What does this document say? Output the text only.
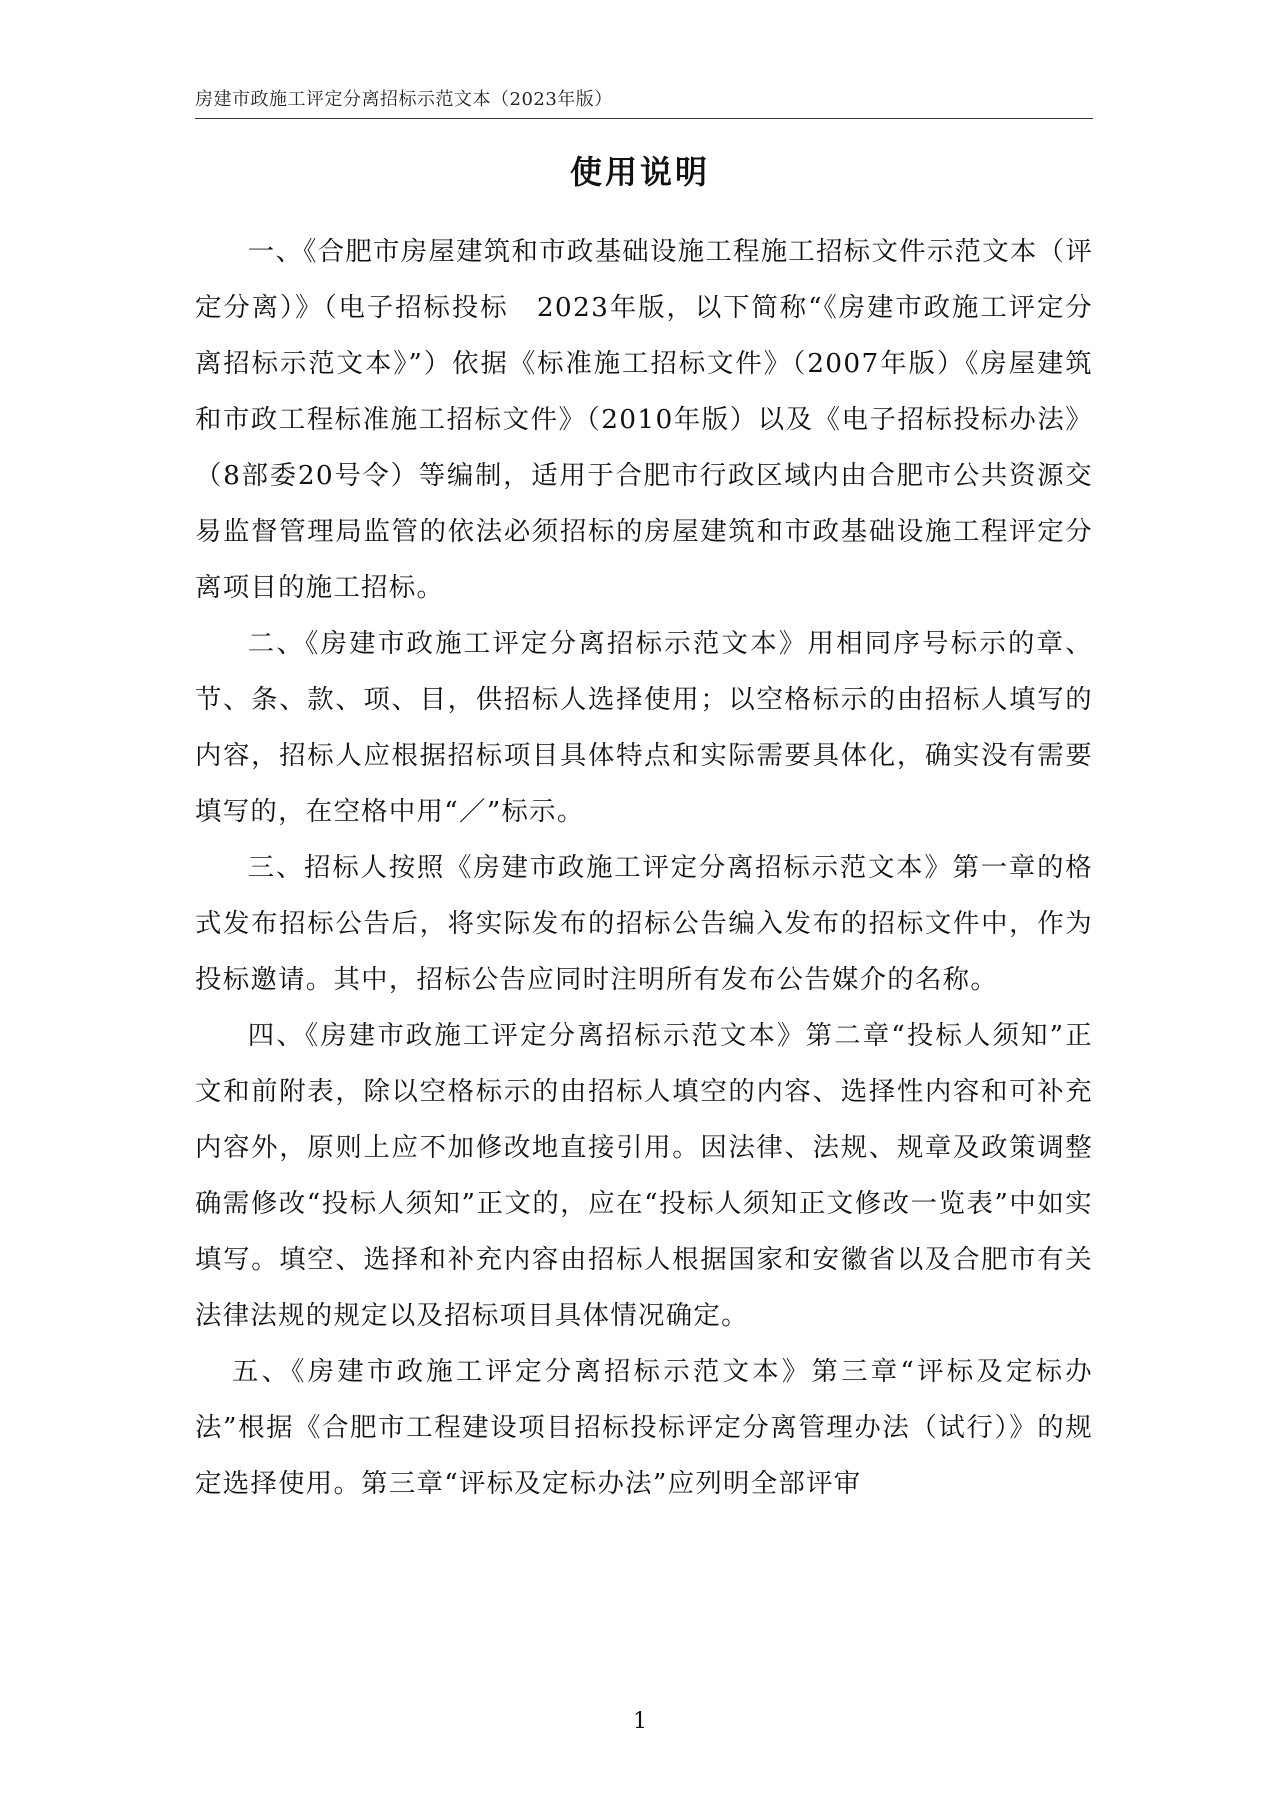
房建市政施工评定分离招标示范文本（2023年版）
使用说明

一、《合肥市房屋建筑和市政基础设施工程施工招标文件示范文本（评定分离）》（电子招标投标　2023年版，以下简称“《房建市政施工评定分离招标示范文本》”）依据《标准施工招标文件》（2007年版）《房屋建筑和市政工程标准施工招标文件》（2010年版）以及《电子招标投标办法》（8部委20号令）等编制，适用于合肥市行政区域内由合肥市公共资源交易监督管理局监管的依法必须招标的房屋建筑和市政基础设施工程评定分离项目的施工招标。

二、《房建市政施工评定分离招标示范文本》用相同序号标示的章、节、条、款、项、目，供招标人选择使用；以空格标示的由招标人填写的内容，招标人应根据招标项目具体特点和实际需要具体化，确实没有需要填写的，在空格中用“／”标示。

三、招标人按照《房建市政施工评定分离招标示范文本》第一章的格式发布招标公告后，将实际发布的招标公告编入发布的招标文件中，作为投标邀请。其中，招标公告应同时注明所有发布公告媒介的名称。

四、《房建市政施工评定分离招标示范文本》第二章“投标人须知”正文和前附表，除以空格标示的由招标人填空的内容、选择性内容和可补充内容外，原则上应不加修改地直接引用。因法律、法规、规章及政策调整确需修改“投标人须知”正文的，应在“投标人须知正文修改一览表”中如实填写。填空、选择和补充内容由招标人根据国家和安徽省以及合肥市有关法律法规的规定以及招标项目具体情况确定。

五、《房建市政施工评定分离招标示范文本》第三章“评标及定标办法”根据《合肥市工程建设项目招标投标评定分离管理办法（试行）》的规定选择使用。第三章“评标及定标办法”应列明全部评审

1
